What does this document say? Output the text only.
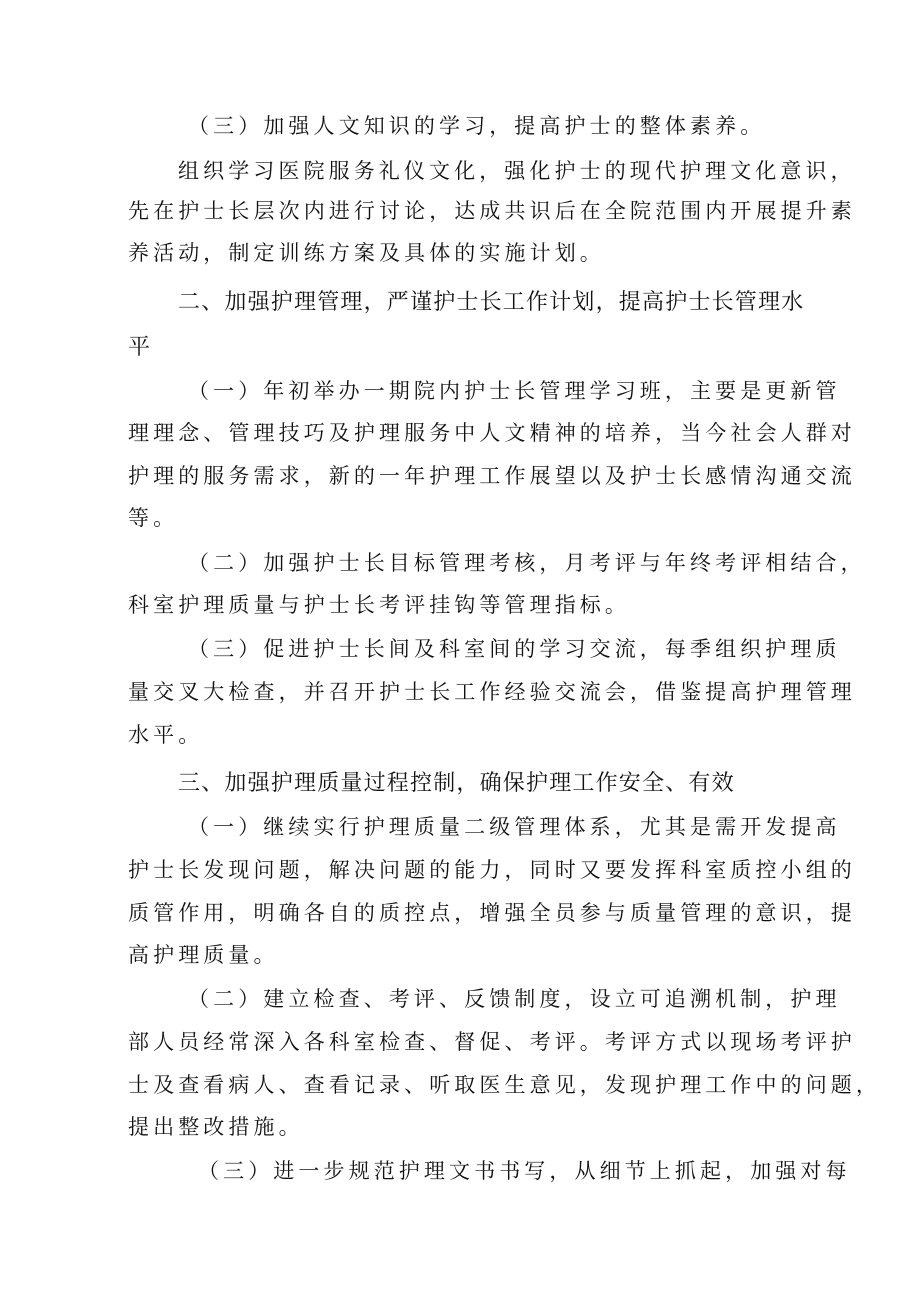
（三）加强人文知识的学习，提高护士的整体素养。
组织学习医院服务礼仪文化，强化护士的现代护理文化意识，
先在护士长层次内进行讨论，达成共识后在全院范围内开展提升素
养活动，制定训练方案及具体的实施计划。
二、加强护理管理，严谨护士长工作计划，提高护士长管理水
平
（一）年初举办一期院内护士长管理学习班，主要是更新管
理理念、管理技巧及护理服务中人文精神的培养，当今社会人群对
护理的服务需求，新的一年护理工作展望以及护士长感情沟通交流
等。
（二）加强护士长目标管理考核，月考评与年终考评相结合，
科室护理质量与护士长考评挂钩等管理指标。
（三）促进护士长间及科室间的学习交流，每季组织护理质
量交叉大检查，并召开护士长工作经验交流会，借鉴提高护理管理
水平。
三、加强护理质量过程控制，确保护理工作安全、有效
（一）继续实行护理质量二级管理体系，尤其是需开发提高
护士长发现问题，解决问题的能力，同时又要发挥科室质控小组的
质管作用，明确各自的质控点，增强全员参与质量管理的意识，提
高护理质量。
（二）建立检查、考评、反馈制度，设立可追溯机制，护理
部人员经常深入各科室检查、督促、考评。考评方式以现场考评护
士及查看病人、查看记录、听取医生意见，发现护理工作中的问题，
提出整改措施。
（三）进一步规范护理文书书写，从细节上抓起，加强对每
